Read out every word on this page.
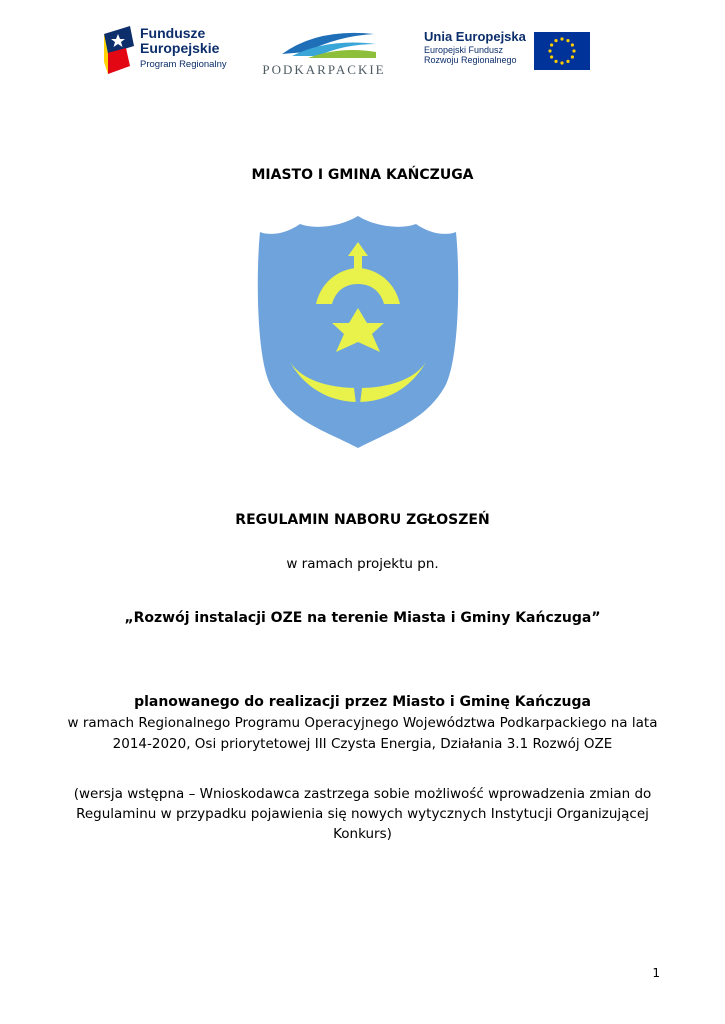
Fundusze
Europejskie
Program Regionalny	PODKARPACKIE
Unia Europejska
Europejski Fundusz
Rozwoju Regionalnego
MIASTO I GMINA KAŃCZUGA
REGULAMIN NABORU ZGŁOSZEŃ
w ramach projektu pn.
„Rozwój instalacji OZE na terenie Miasta i Gminy Kańczuga”
planowanego do realizacji przez Miasto i Gminę Kańczuga
w ramach Regionalnego Programu Operacyjnego Województwa Podkarpackiego na lata
2014-2020, Osi priorytetowej III Czysta Energia, Działania 3.1 Rozwój OZE
(wersja wstępna – Wnioskodawca zastrzega sobie możliwość wprowadzenia zmian do
Regulaminu w przypadku pojawienia się nowych wytycznych Instytucji Organizującej
Konkurs)
1
